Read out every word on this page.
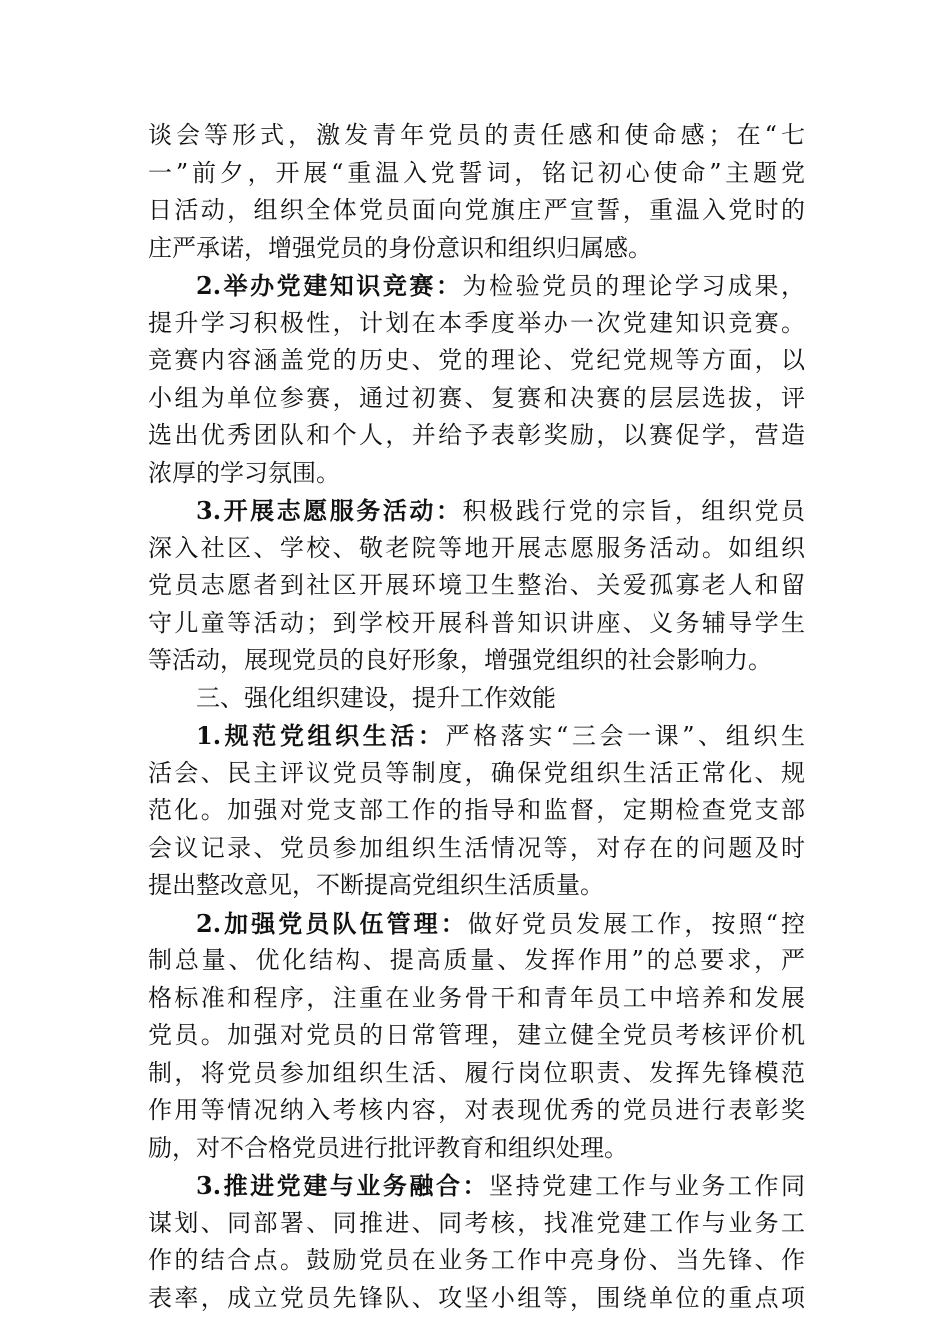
谈会等形式，激发青年党员的责任感和使命感；在“七
一”前夕，开展“重温入党誓词，铭记初心使命”主题党
日活动，组织全体党员面向党旗庄严宣誓，重温入党时的
庄严承诺，增强党员的身份意识和组织归属感。
2.举办党建知识竞赛：为检验党员的理论学习成果，
提升学习积极性，计划在本季度举办一次党建知识竞赛。
竞赛内容涵盖党的历史、党的理论、党纪党规等方面，以
小组为单位参赛，通过初赛、复赛和决赛的层层选拔，评
选出优秀团队和个人，并给予表彰奖励，以赛促学，营造
浓厚的学习氛围。
3.开展志愿服务活动：积极践行党的宗旨，组织党员
深入社区、学校、敬老院等地开展志愿服务活动。如组织
党员志愿者到社区开展环境卫生整治、关爱孤寡老人和留
守儿童等活动；到学校开展科普知识讲座、义务辅导学生
等活动，展现党员的良好形象，增强党组织的社会影响力。
三、强化组织建设，提升工作效能
1.规范党组织生活：严格落实“三会一课”、组织生
活会、民主评议党员等制度，确保党组织生活正常化、规
范化。加强对党支部工作的指导和监督，定期检查党支部
会议记录、党员参加组织生活情况等，对存在的问题及时
提出整改意见，不断提高党组织生活质量。
2.加强党员队伍管理：做好党员发展工作，按照“控
制总量、优化结构、提高质量、发挥作用”的总要求，严
格标准和程序，注重在业务骨干和青年员工中培养和发展
党员。加强对党员的日常管理，建立健全党员考核评价机
制，将党员参加组织生活、履行岗位职责、发挥先锋模范
作用等情况纳入考核内容，对表现优秀的党员进行表彰奖
励，对不合格党员进行批评教育和组织处理。
3.推进党建与业务融合：坚持党建工作与业务工作同
谋划、同部署、同推进、同考核，找准党建工作与业务工
作的结合点。鼓励党员在业务工作中亮身份、当先锋、作
表率，成立党员先锋队、攻坚小组等，围绕单位的重点项
